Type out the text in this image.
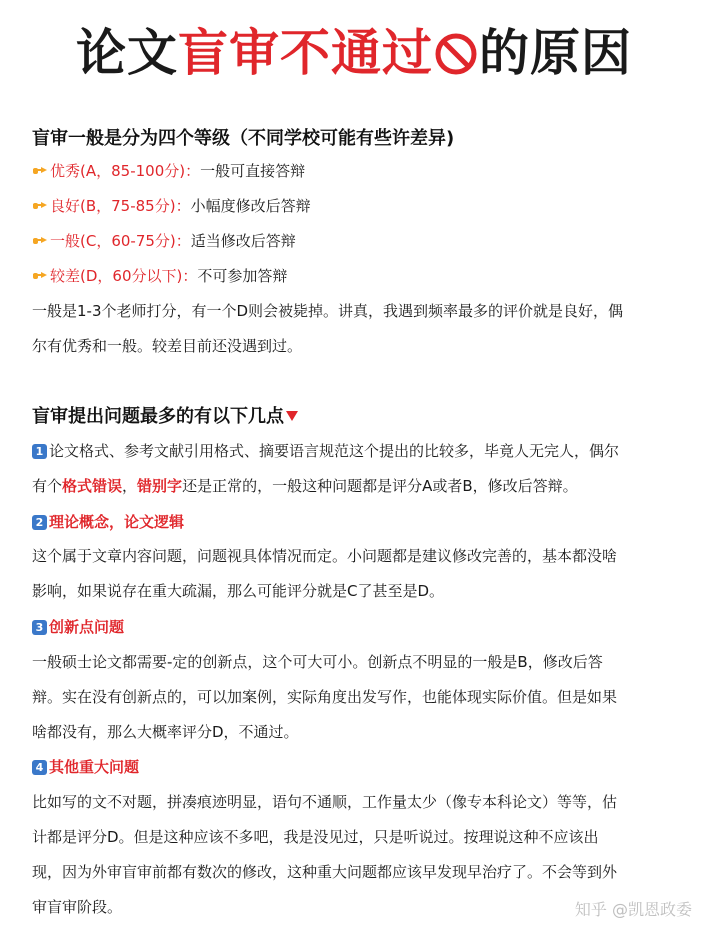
论文盲审不通过 的原因
盲审一般是分为四个等级（不同学校可能有些许差异)
优秀(A，85-100分)：一般可直接答辩
良好(B，75-85分)：小幅度修改后答辩
一般(C，60-75分)：适当修改后答辩
较差(D，60分以下)：不可参加答辩
一般是1-3个老师打分，有一个D则会被毙掉。讲真，我遇到频率最多的评价就是良好，偶
尔有优秀和一般。较差目前还没遇到过。
盲审提出问题最多的有以下几点
1 论文格式、参考文献引用格式、摘要语言规范这个提出的比较多，毕竟人无完人，偶尔
有个格式错误，错别字还是正常的，一般这种问题都是评分A或者B，修改后答辩。
2 理论概念，论文逻辑
这个属于文章内容问题，问题视具体情况而定。小问题都是建议修改完善的，基本都没啥
影响，如果说存在重大疏漏，那么可能评分就是C了甚至是D。
3 创新点问题
一般硕士论文都需要-定的创新点，这个可大可小。创新点不明显的一般是B，修改后答
辩。实在没有创新点的，可以加案例，实际角度出发写作，也能体现实际价值。但是如果
啥都没有，那么大概率评分D，不通过。
4 其他重大问题
比如写的文不对题，拼凑痕迹明显，语句不通顺，工作量太少（像专本科论文）等等，估
计都是评分D。但是这种应该不多吧，我是没见过，只是听说过。按理说这种不应该出
现，因为外审盲审前都有数次的修改，这种重大问题都应该早发现早治疗了。不会等到外
审盲审阶段。	知乎 @凯恩政委
